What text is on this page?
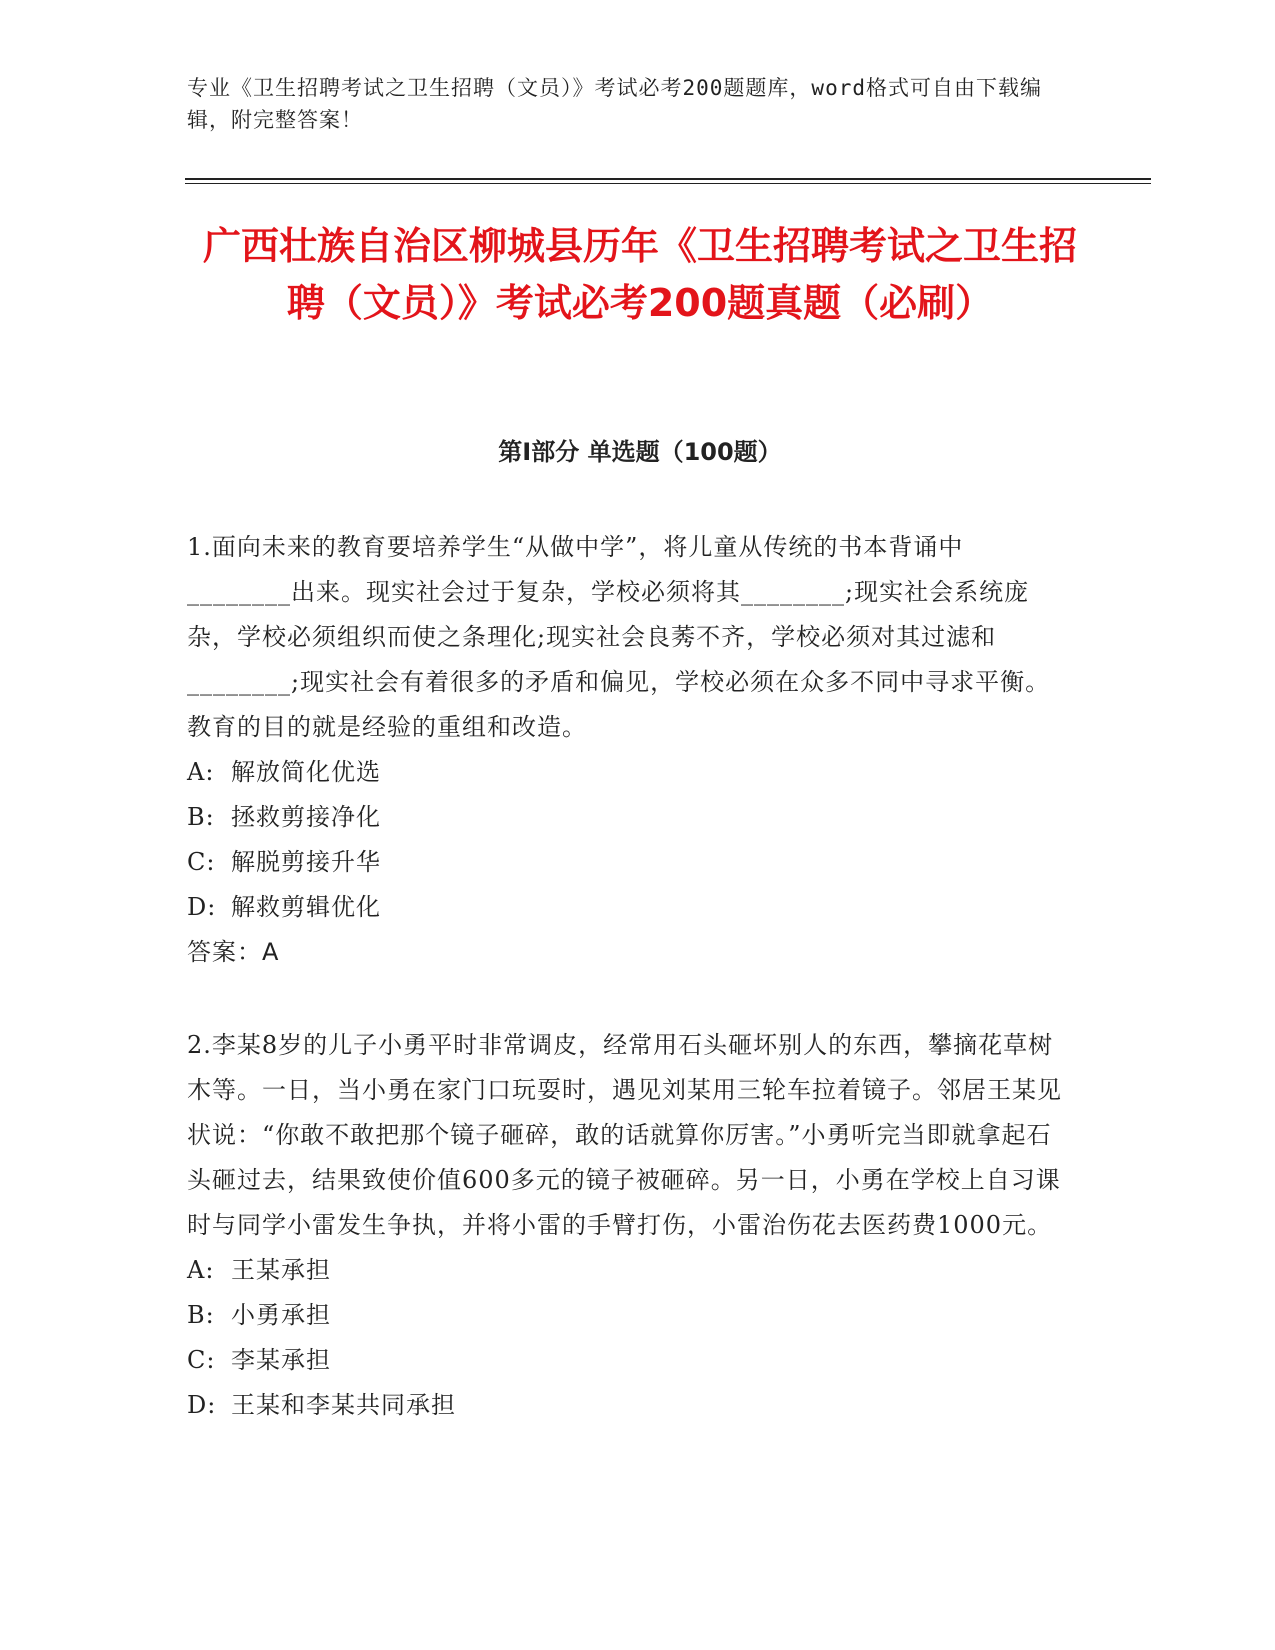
专业《卫生招聘考试之卫生招聘（文员）》考试必考200题题库，word格式可自由下载编辑，附完整答案！
广西壮族自治区柳城县历年《卫生招聘考试之卫生招聘（文员）》考试必考200题真题（必刷）
第Ⅰ部分 单选题（100题）

1.面向未来的教育要培养学生“从做中学”，将儿童从传统的书本背诵中________出来。现实社会过于复杂，学校必须将其________;现实社会系统庞杂，学校必须组织而使之条理化;现实社会良莠不齐，学校必须对其过滤和________;现实社会有着很多的矛盾和偏见，学校必须在众多不同中寻求平衡。教育的目的就是经验的重组和改造。

A: 解放简化优选

B: 拯救剪接净化

C: 解脱剪接升华

D: 解救剪辑优化

答案：A

2.李某8岁的儿子小勇平时非常调皮，经常用石头砸坏别人的东西，攀摘花草树木等。一日，当小勇在家门口玩耍时，遇见刘某用三轮车拉着镜子。邻居王某见状说：“你敢不敢把那个镜子砸碎，敢的话就算你厉害。”小勇听完当即就拿起石头砸过去，结果致使价值600多元的镜子被砸碎。另一日，小勇在学校上自习课时与同学小雷发生争执，并将小雷的手臂打伤，小雷治伤花去医药费1000元。

A: 王某承担

B: 小勇承担

C: 李某承担

D: 王某和李某共同承担
